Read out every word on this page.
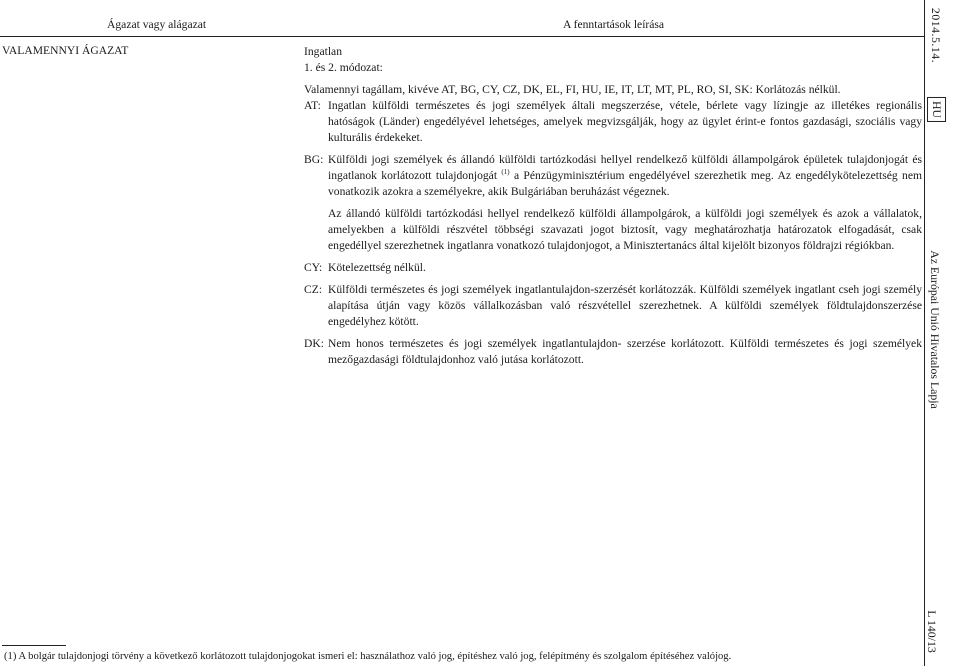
Ágazat vagy alágazat	A fenntartások leírása
VALAMENNYI ÁGAZAT	Ingatlan

1. és 2. módozat:

Valamennyi tagállam, kivéve AT, BG, CY, CZ, DK, EL, FI, HU, IE, IT, LT, MT, PL, RO, SI, SK: Korlátozás nélkül.

AT: Ingatlan külföldi természetes és jogi személyek általi megszerzése, vétele, bérlete vagy lízingje az illetékes regionális hatóságok (Länder) engedélyével lehetséges, amelyek megvizsgálják, hogy az ügylet érint-e fontos gazdasági, szociális vagy kulturális érdekeket.

BG: Külföldi jogi személyek és állandó külföldi tartózkodási hellyel rendelkező külföldi állampolgárok épületek tulajdonjogát és ingatlanok korlátozott tulajdonjogát $^{(1)}$ a Pénzügyminisztérium engedélyével szerezhetik meg. Az engedélykötelezettség nem vonatkozik azokra a személyekre, akik Bulgáriában beruházást végeznek.

Az állandó külföldi tartózkodási hellyel rendelkező külföldi állampolgárok, a külföldi jogi személyek és azok a vállalatok, amelyekben a külföldi részvétel többségi szavazati jogot biztosít, vagy meghatározhatja határozatok elfogadását, csak engedéllyel szerezhetnek ingatlanra vonatkozó tulajdonjogot, a Minisztertanács által kijelölt bizonyos földrajzi régiókban.

CY: Kötelezettség nélkül.

CZ: Külföldi természetes és jogi személyek ingatlantulajdon-szerzését korlátozzák. Külföldi személyek ingatlant cseh jogi személy alapítása útján vagy közös vállalkozásban való részvétellel szerezhetnek. A külföldi személyek földtulajdonszerzése engedélyhez kötött.

DK: Nem honos természetes és jogi személyek ingatlantulajdon- szerzése korlátozott. Külföldi természetes és jogi személyek mezőgazdasági földtulajdonhoz való jutása korlátozott.

(1) A bolgár tulajdonjogi törvény a következő korlátozott tulajdonjogokat ismeri el: használathoz való jog, építéshez való jog, felépítmény és szolgalom építéséhez valójog.
2014.5.14.
HU
Az Európai Unió Hivatalos Lapja
L 140/13
